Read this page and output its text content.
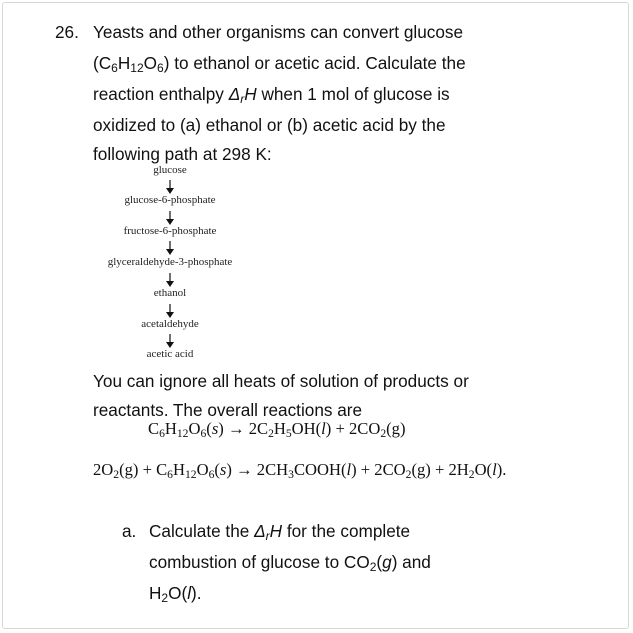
26. Yeasts and other organisms can convert glucose
$(C_6H_{12}O_6)$ to ethanol or acetic acid. Calculate the
reaction enthalpy $\Delta_rH$ when 1 mol of glucose is
oxidized to (a) ethanol or (b) acetic acid by the
following path at 298 K:
glucose
glucose-6-phosphate
fructose-6-phosphate
glyceraldehyde-3-phosphate
ethanol
acetaldehyde
acetic acid
You can ignore all heats of solution of products or
reactants. The overall reactions are
$C_6H_{12}O_6(s) \to 2C_2H_5OH(l) + 2CO_2(g)$
$2O_2(g) + C_6H_{12}O_6(s)$ → $2CH_3COOH(l) + 2CO_2(g) + 2H_2O(l)$.
a. Calculate the $\Delta_rH$ for the complete
combustion of glucose to $CO_2(g)$ and
$H_2O(l)$.
